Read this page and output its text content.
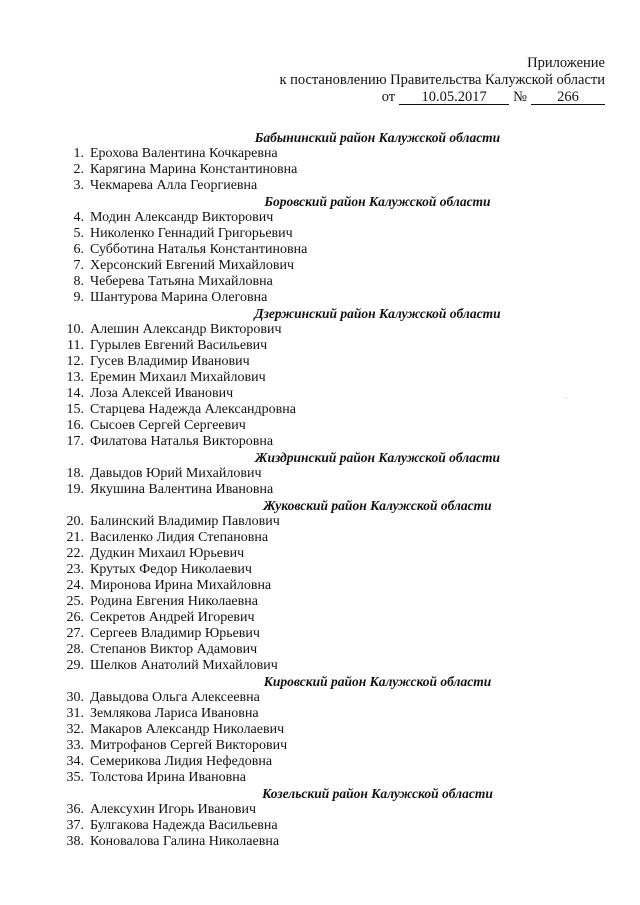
Приложение
к постановлению Правительства Калужской области
от	10.05.2017	№	266
Бабынинский район Калужской области
1. Ерохова Валентина Кочкаревна
2. Карягина Марина Константиновна
3. Чекмарева Алла Георгиевна
Боровский район Калужской области
4. Модин Александр Викторович
5. Николенко Геннадий Григорьевич
6. Субботина Наталья Константиновна
7. Херсонский Евгений Михайлович
8. Чеберева Татьяна Михайловна
9. Шантурова Марина Олеговна
Дзержинский район Калужской области
10. Алешин Александр Викторович
11. Гурылев Евгений Васильевич
12. Гусев Владимир Иванович
13. Еремин Михаил Михайлович
14. Лоза Алексей Иванович
15. Старцева Надежда Александровна
16. Сысоев Сергей Сергеевич
17. Филатова Наталья Викторовна
Жиздринский район Калужской области
18. Давыдов Юрий Михайлович
19. Якушина Валентина Ивановна
Жуковский район Калужской области
20. Балинский Владимир Павлович
21. Василенко Лидия Степановна
22. Дудкин Михаил Юрьевич
23. Крутых Федор Николаевич
24. Миронова Ирина Михайловна
25. Родина Евгения Николаевна
26. Секретов Андрей Игоревич
27. Сергеев Владимир Юрьевич
28. Степанов Виктор Адамович
29. Шелков Анатолий Михайлович
Кировский район Калужской области
30. Давыдова Ольга Алексеевна
31. Землякова Лариса Ивановна
32. Макаров Александр Николаевич
33. Митрофанов Сергей Викторович
34. Семерикова Лидия Нефедовна
35. Толстова Ирина Ивановна
Козельский район Калужской области
36. Алексухин Игорь Иванович
37. Булгакова Надежда Васильевна
38. Коновалова Галина Николаевна
··
